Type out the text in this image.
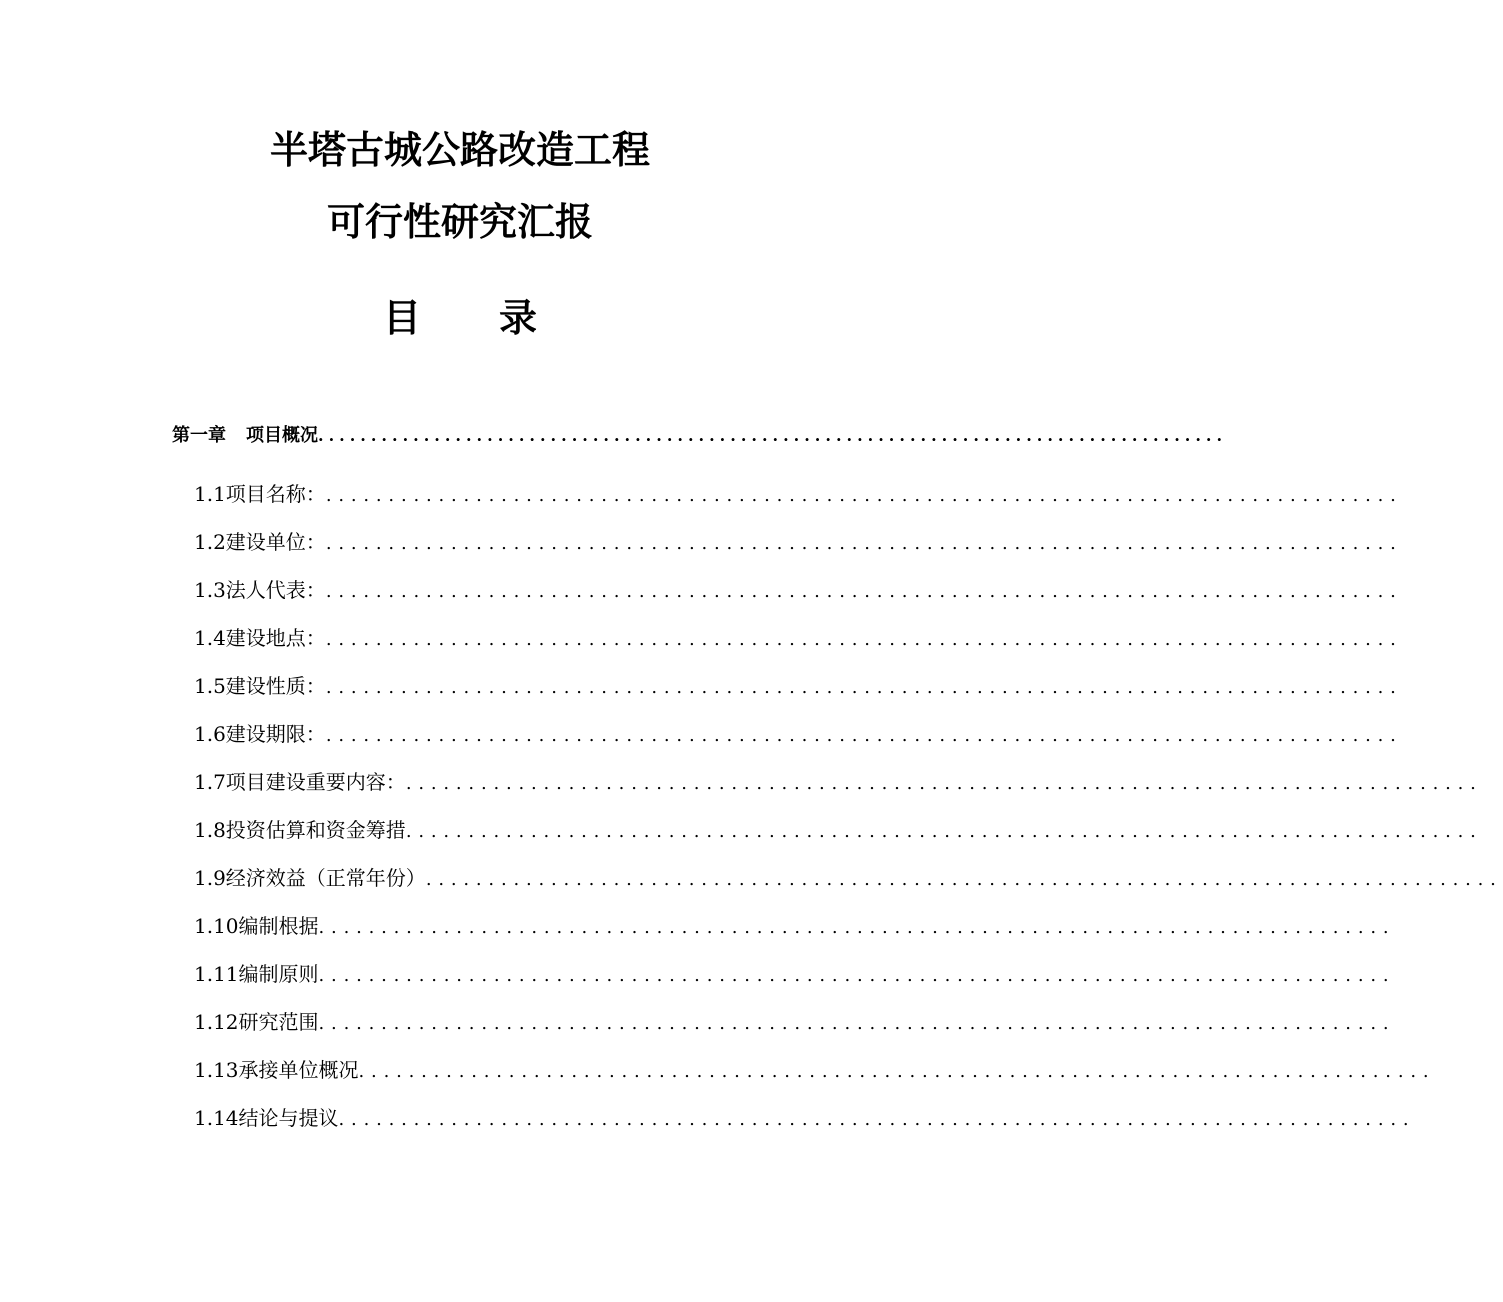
半塔古城公路改造工程
可行性研究汇报
目录
第一章 项目概况 ......................................................................................
1.1项目名称： ......................................................................................
1.2建设单位： ......................................................................................
1.3法人代表： ......................................................................................
1.4建设地点： ......................................................................................
1.5建设性质： ......................................................................................
1.6建设期限： ......................................................................................
1.7项目建设重要内容： ......................................................................................
1.8投资估算和资金筹措 ......................................................................................
1.9经济效益（正常年份） ......................................................................................
1.10编制根据 ......................................................................................
1.11编制原则 ......................................................................................
1.12研究范围 ......................................................................................
1.13承接单位概况 ......................................................................................
1.14结论与提议 ......................................................................................
